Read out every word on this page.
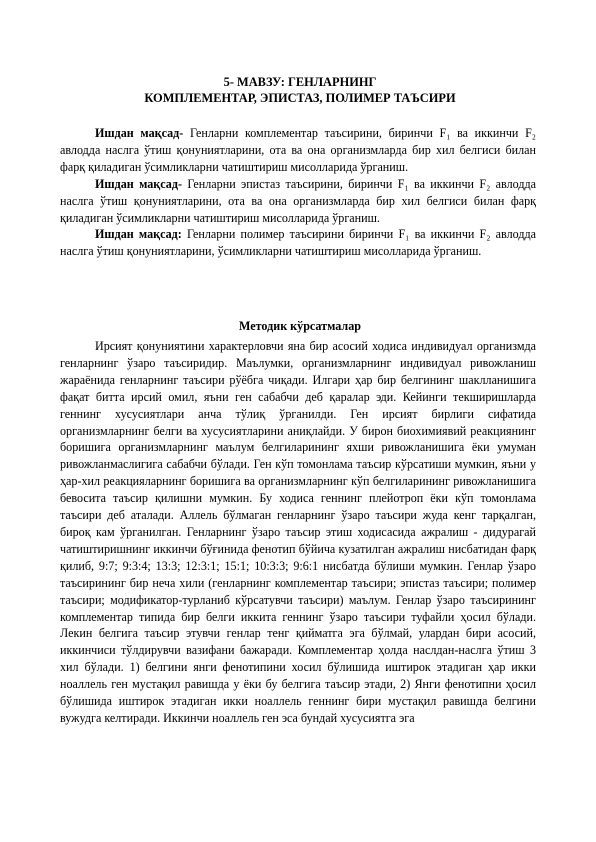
5- МАВЗУ: ГЕНЛАРНИНГ
КОМПЛЕМЕНТАР, ЭПИСТАЗ, ПОЛИМЕР ТАЪСИРИ

Ишдан мақсад- Генларни комплементар таъсирини, биринчи F₁ ва иккинчи F₂ авлодда наслга ўтиш қонуниятларини, ота ва она организмларда бир хил белгиси билан фарқ қиладиган ўсимликларни чатиштириш мисолларида ўрганиш.

Ишдан мақсад- Генларни эпистаз таъсирини, биринчи F₁ ва иккинчи F₂ авлодда наслга ўтиш қонуниятларини, ота ва она организмларда бир хил белгиси билан фарқ қиладиган ўсимликларни чатиштириш мисолларида ўрганиш.

Ишдан мақсад: Генларни полимер таъсирини биринчи F₁ ва иккинчи F₂ авлодда наслга ўтиш қонуниятларини, ўсимликларни чатиштириш мисолларида ўрганиш.

Методик кўрсатмалар

Ирсият қонуниятини характерловчи яна бир асосий ходиса индивидуал организмда генларнинг ўзаро таъсиридир. Маълумки, организмларнинг индивидуал ривожланиш жараёнида генларнинг таъсири рўёбга чиқади. Илгари ҳар бир белгининг шаклланишига фақат битта ирсий омил, яъни ген сабабчи деб қаралар эди. Кейинги текширишларда геннинг хусусиятлари анча тўлиқ ўрганилди. Ген ирсият бирлиги сифатида организмларнинг белги ва хусусиятларини аниқлайди. У бирон биохимиявий реакциянинг боришига организмларнинг маълум белгиларининг яхши ривожланишига ёки умуман ривожланмаслигига сабабчи бўлади. Ген кўп томонлама таъсир кўрсатиши мумкин, яъни у ҳар-хил реакцияларнинг боришига ва организмларнинг кўп белгиларининг ривожланишига бевосита таъсир қилишни мумкин. Бу ходиса геннинг плейотроп ёки кўп томонлама таъсири деб аталади. Аллель бўлмаган генларнинг ўзаро таъсири жуда кенг тарқалган, бироқ кам ўрганилган. Генларнинг ўзаро таъсир этиш ходисасида ажралиш - дидурагай чатиштиришнинг иккинчи бўғинида фенотип бўйича кузатилган ажралиш нисбатидан фарқ қилиб, 9:7; 9:3:4; 13:3; 12:3:1; 15:1; 10:3:3; 9:6:1 нисбатда бўлиши мумкин. Генлар ўзаро таъсирининг бир неча хили (генларнинг комплементар таъсири; эпистаз таъсири; полимер таъсири; модификатор-турланиб кўрсатувчи таъсири) маълум. Генлар ўзаро таъсирининг комплементар типида бир белги иккита геннинг ўзаро таъсири туфайли ҳосил бўлади. Лекин белгига таъсир этувчи генлар тенг қийматга эга бўлмай, улардан бири асосий, иккинчиси тўлдирувчи вазифани бажаради. Комплементар ҳолда наслдан-наслга ўтиш 3 хил бўлади. 1) белгини янги фенотипини хосил бўлишида иштирок этадиган ҳар икки ноаллель ген мустақил равишда у ёки бу белгига таъсир этади, 2) Янги фенотипни ҳосил бўлишида иштирок этадиган икки ноаллель геннинг бири мустақил равишда белгини вужудга келтиради. Иккинчи ноаллель ген эса бундай хусусиятга эга
